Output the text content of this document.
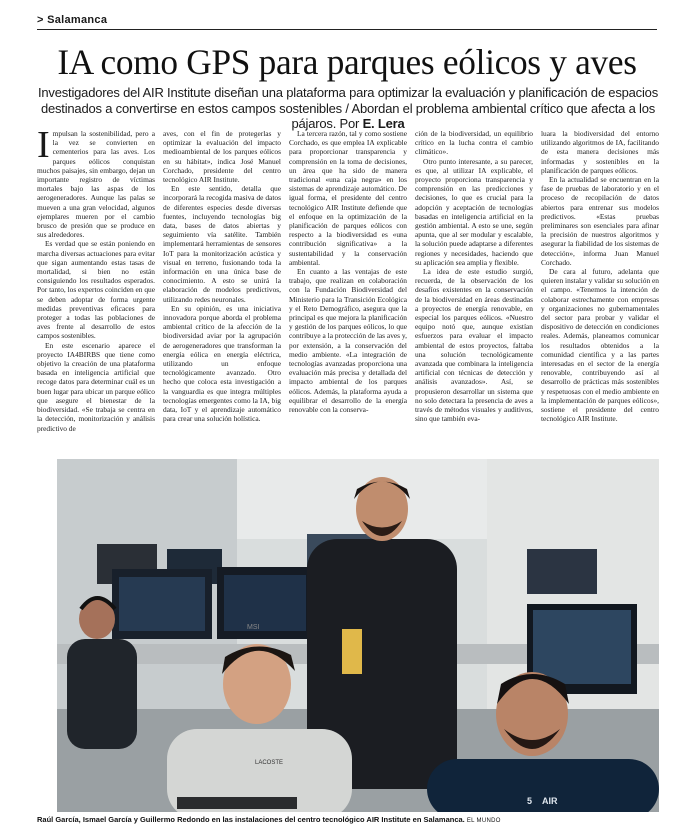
> Salamanca
IA como GPS para parques eólicos y aves

Investigadores del AIR Institute diseñan una plataforma para optimizar la evaluación y planificación de espacios destinados a convertirse en estos campos sostenibles / Abordan el problema ambiental crítico que afecta a los pájaros. Por E. Lera

Impulsan la sostenibilidad, pero a la vez se convierten en cementerios para las aves. Los parques eólicos conquistan muchos paisajes, sin embargo, dejan un importante registro de víctimas mortales bajo las aspas de los aerogeneradores. Aunque las palas se mueven a una gran velocidad, algunos ejemplares mueren por el cambio brusco de presión que se produce en sus alrededores.

Es verdad que se están poniendo en marcha diversas actuaciones para evitar que sigan aumentando estas tasas de mortalidad, si bien no están consiguiendo los resultados esperados. Por tanto, los expertos coinciden en que se deben adoptar de forma urgente medidas preventivas eficaces para proteger a todas las poblaciones de aves frente al desarrollo de estos campos sostenibles.

En este escenario aparece el proyecto IA4BIRBS que tiene como objetivo la creación de una plataforma basada en inteligencia artificial que recoge datos para determinar cuál es un buen lugar para ubicar un parque eólico que asegure el bienestar de la biodiversidad. «Se trabaja se centra en la detección, monitorización y análisis predictivo de

aves, con el fin de protegerlas y optimizar la evaluación del impacto medioambiental de los parques eólicos en su hábitat», indica José Manuel Corchado, presidente del centro tecnológico AIR Institute.

En este sentido, detalla que incorporará la recogida masiva de datos de diferentes especies desde diversas fuentes, incluyendo tecnologías big data, bases de datos abiertas y seguimiento vía satélite. También implementará herramientas de sensores IoT para la monitorización acústica y visual en terreno, fusionando toda la información en una única base de conocimiento. A esto se unirá la elaboración de modelos predictivos, utilizando redes neuronales.

En su opinión, es una iniciativa innovadora porque aborda el problema ambiental crítico de la afección de la biodiversidad aviar por la agrupación de aerogeneradores que transforman la energía eólica en energía eléctrica, utilizando un enfoque tecnológicamente avanzado. Otro hecho que coloca esta investigación a la vanguardia es que integra múltiples tecnologías emergentes como la IA, big data, IoT y el aprendizaje automático para crear una solución holística.

La tercera razón, tal y como sostiene Corchado, es que emplea IA explicable para proporcionar transparencia y comprensión en la toma de decisiones, un área que ha sido de manera tradicional «una caja negra» en los sistemas de aprendizaje automático. De igual forma, el presidente del centro tecnológico AIR Institute defiende que el enfoque en la optimización de la planificación de parques eólicos con respecto a la biodiversidad es «una contribución significativa» a la sustentabilidad y la conservación ambiental.

En cuanto a las ventajas de este trabajo, que realizan en colaboración con la Fundación Biodiversidad del Ministerio para la Transición Ecológica y el Reto Demográfico, asegura que la principal es que mejora la planificación y gestión de los parques eólicos, lo que contribuye a la protección de las aves y, por extensión, a la conservación del medio ambiente. «La integración de tecnologías avanzadas proporciona una evaluación más precisa y detallada del impacto ambiental de los parques eólicos. Además, la plataforma ayuda a equilibrar el desarrollo de la energía renovable con la conserva-

ción de la biodiversidad, un equilibrio crítico en la lucha contra el cambio climático».

Otro punto interesante, a su parecer, es que, al utilizar IA explicable, el proyecto proporciona transparencia y comprensión en las predicciones y decisiones, lo que es crucial para la adopción y aceptación de tecnologías basadas en inteligencia artificial en la gestión ambiental. A esto se une, según apunta, que al ser modular y escalable, la solución puede adaptarse a diferentes regiones y necesidades, haciendo que su aplicación sea amplia y flexible.

La idea de este estudio surgió, recuerda, de la observación de los desafíos existentes en la conservación de la biodiversidad en áreas destinadas a proyectos de energía renovable, en especial los parques eólicos. «Nuestro equipo notó que, aunque existían esfuerzos para evaluar el impacto ambiental de estos proyectos, faltaba una solución tecnológicamente avanzada que combinara la inteligencia artificial con técnicas de detección y análisis avanzados». Así, se propusieron desarrollar un sistema que no solo detectara la presencia de aves a través de métodos visuales y auditivos, sino que también eva-

luara la biodiversidad del entorno utilizando algoritmos de IA, facilitando de esta manera decisiones más informadas y sostenibles en la planificación de parques eólicos.

En la actualidad se encuentran en la fase de pruebas de laboratorio y en el proceso de recopilación de datos abiertos para entrenar sus modelos predictivos. «Estas pruebas preliminares son esenciales para afinar la precisión de nuestros algoritmos y asegurar la fiabilidad de los sistemas de detección», informa Juan Manuel Corchado.

De cara al futuro, adelanta que quieren instalar y validar su solución en el campo. «Tenemos la intención de colaborar estrechamente con empresas y organizaciones no gubernamentales del sector para probar y validar el dispositivo de detección en condiciones reales. Además, planeamos comunicar los resultados obtenidos a la comunidad científica y a las partes interesadas en el sector de la energía renovable, contribuyendo así al desarrollo de prácticas más sostenibles y respetuosas con el medio ambiente en la implementación de parques eólicos», sostiene el presidente del centro tecnológico AIR Institute.

MSI
LACOSTE
5 AIR
Raúl García, Ismael García y Guillermo Redondo en las instalaciones del centro tecnológico AIR Institute en Salamanca. EL MUNDO
